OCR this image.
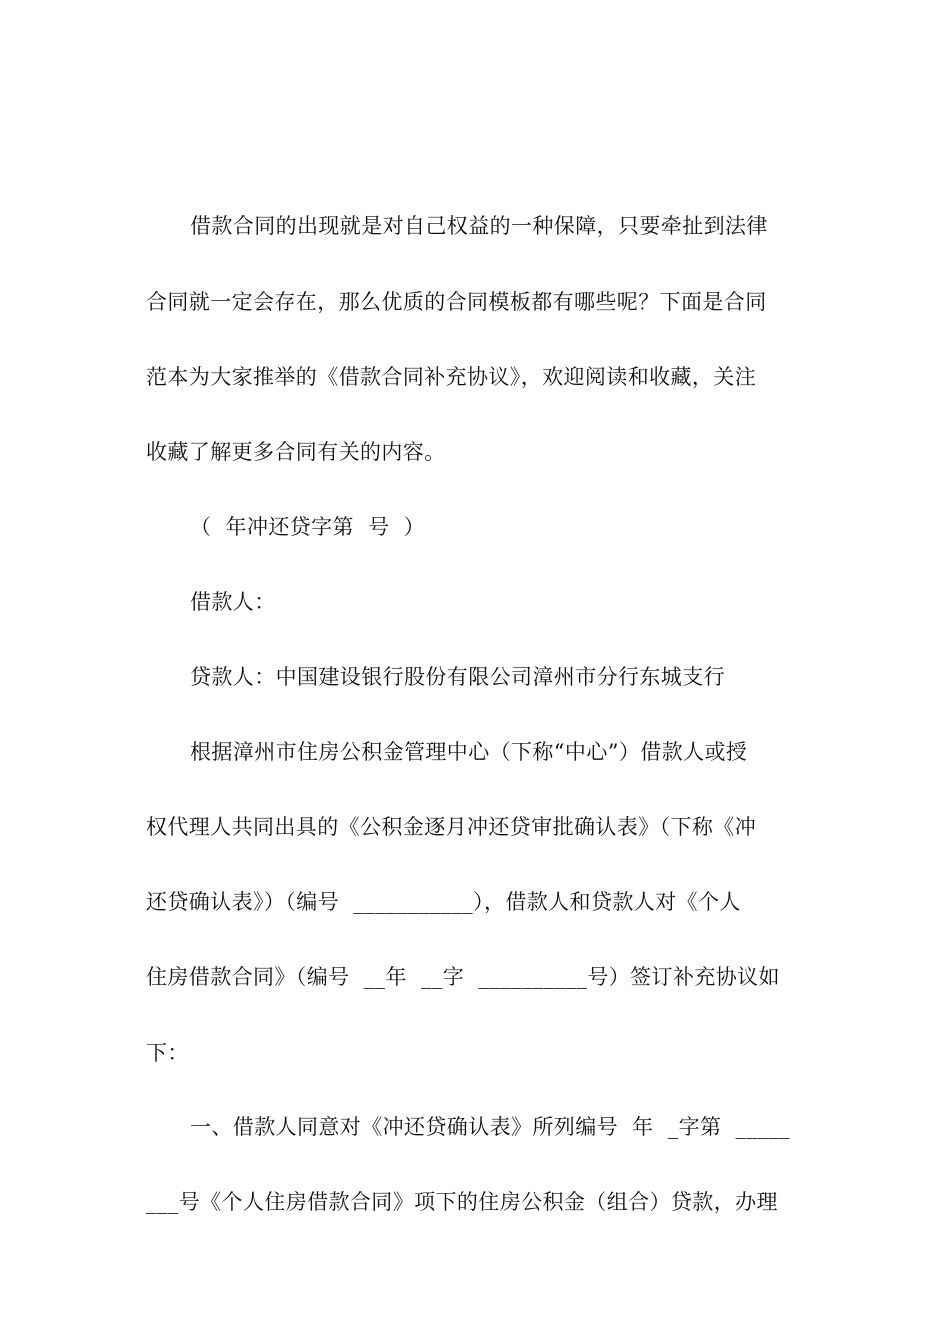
借款合同的出现就是对自己权益的一种保障，只要牵扯到法律
合同就一定会存在，那么优质的合同模板都有哪些呢？下面是合同
范本为大家推举的《借款合同补充协议》，欢迎阅读和收藏，关注
收藏了解更多合同有关的内容。
（  年冲还贷字第  号  ）
借款人：
贷款人：中国建设银行股份有限公司漳州市分行东城支行
根据漳州市住房公积金管理中心（下称“中心”）借款人或授
权代理人共同出具的《公积金逐月冲还贷审批确认表》（下称《冲
还贷确认表》）（编号  ___________），借款人和贷款人对《个人
住房借款合同》（编号  __年  __字  __________号）签订补充协议如
下：
一、借款人同意对《冲还贷确认表》所列编号  年  _字第  _____
___号《个人住房借款合同》项下的住房公积金（组合）贷款，办理
